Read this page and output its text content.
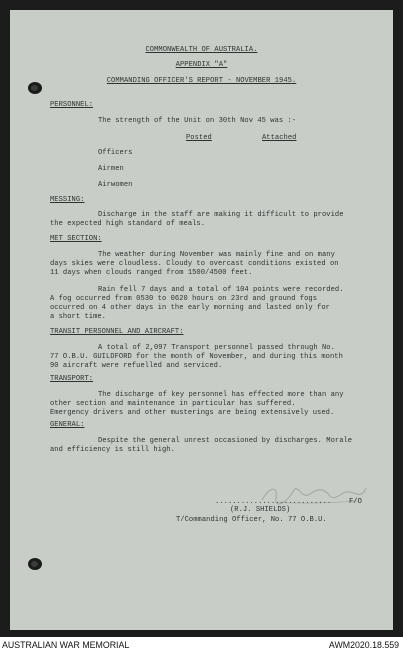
COMMONWEALTH OF AUSTRALIA.
APPENDIX "A"
COMMANDING OFFICER'S REPORT - NOVEMBER 1945.
PERSONNEL:
The strength of the Unit on 30th Nov 45 was :-
Posted	Attached
Officers
Airmen
Airwomen
MESSING:
Discharge in the staff are making it difficult to provide
the expected high standard of meals.
MET SECTION:
The weather during November was mainly fine and on many
days skies were cloudless. Cloudy to overcast conditions existed on
11 days when clouds ranged from 1500/4500 feet.
Rain fell 7 days and a total of 104 points were recorded.
A fog occurred from 0530 to 0620 hours on 23rd and ground fogs
occurred on 4 other days in the early morning and lasted only for
a short time.
TRANSIT PERSONNEL AND AIRCRAFT:
A total of 2,097 Transport personnel passed through No.
77 O.B.U. GUILDFORD for the month of November, and during this month
90 aircraft were refuelled and serviced.
TRANSPORT:
The discharge of key personnel has effected more than any
other section and maintenance in particular has suffered.
Emergency drivers and other musterings are being extensively used.
GENERAL:
Despite the general unrest occasioned by discharges. Morale
and efficiency is still high.
........................... F/O
(R.J. SHIELDS)
T/Commanding Officer, No. 77 O.B.U.
AUSTRALIAN WAR MEMORIAL	AWM2020.18.559
